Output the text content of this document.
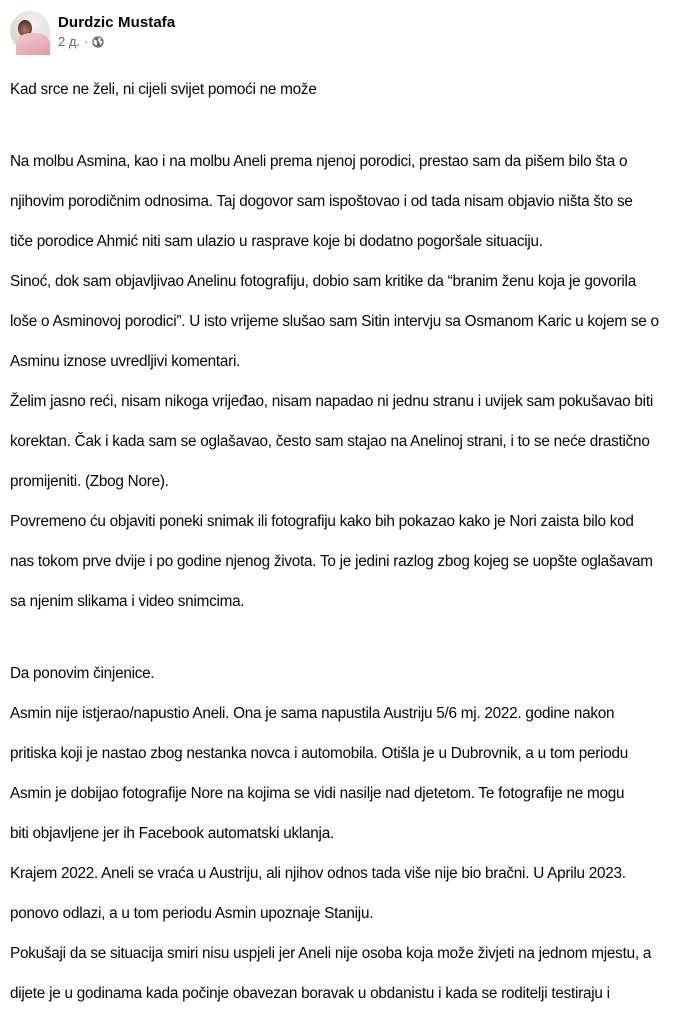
Durdzic Mustafa
2 д. ·

Kad srce ne želi, ni cijeli svijet pomoći ne može

Na molbu Asmina, kao i na molbu Aneli prema njenoj porodici, prestao sam da pišem bilo šta o

njihovim porodičnim odnosima. Taj dogovor sam ispoštovao i od tada nisam objavio ništa što se

tiče porodice Ahmić niti sam ulazio u rasprave koje bi dodatno pogoršale situaciju.

Sinoć, dok sam objavljivao Anelinu fotografiju, dobio sam kritike da “branim ženu koja je govorila

loše o Asminovoj porodici”. U isto vrijeme slušao sam Sitin intervju sa Osmanom Karic u kojem se o

Asminu iznose uvredljivi komentari.

Želim jasno reći, nisam nikoga vrijeđao, nisam napadao ni jednu stranu i uvijek sam pokušavao biti

korektan. Čak i kada sam se oglašavao, često sam stajao na Anelinoj strani, i to se neće drastično

promijeniti. (Zbog Nore).

Povremeno ću objaviti poneki snimak ili fotografiju kako bih pokazao kako je Nori zaista bilo kod

nas tokom prve dvije i po godine njenog života. To je jedini razlog zbog kojeg se uopšte oglašavam

sa njenim slikama i video snimcima.

Da ponovim činjenice.

Asmin nije istjerao/napustio Aneli. Ona je sama napustila Austriju 5/6 mj. 2022. godine nakon

pritiska koji je nastao zbog nestanka novca i automobila. Otišla je u Dubrovnik, a u tom periodu

Asmin je dobijao fotografije Nore na kojima se vidi nasilje nad djetetom. Te fotografije ne mogu

biti objavljene jer ih Facebook automatski uklanja.

Krajem 2022. Aneli se vraća u Austriju, ali njihov odnos tada više nije bio bračni. U Aprilu 2023.

ponovo odlazi, a u tom periodu Asmin upoznaje Staniju.

Pokušaji da se situacija smiri nisu uspjeli jer Aneli nije osoba koja može živjeti na jednom mjestu, a

dijete je u godinama kada počinje obavezan boravak u obdanistu i kada se roditelji testiraju i
